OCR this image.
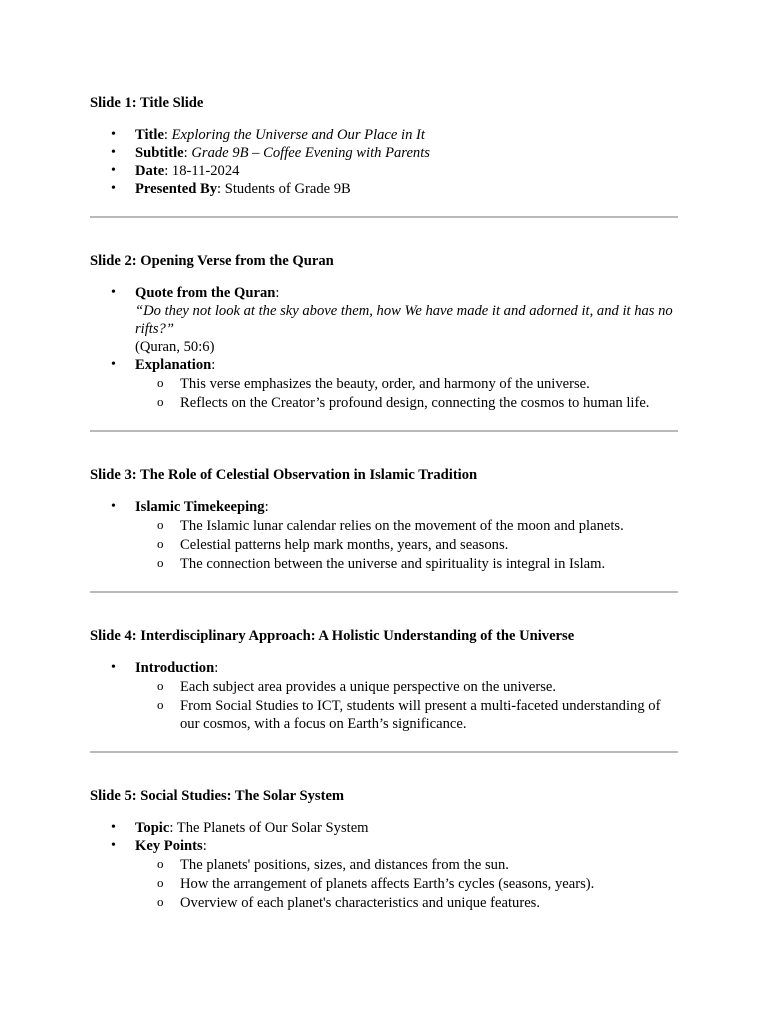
Slide 1: Title Slide

• Title: Exploring the Universe and Our Place in It
• Subtitle: Grade 9B – Coffee Evening with Parents
• Date: 18-11-2024
• Presented By: Students of Grade 9B

Slide 2: Opening Verse from the Quran

• Quote from the Quran:
“Do they not look at the sky above them, how We have made it and adorned it, and it has no rifts?”
(Quran, 50:6)
• Explanation:
o This verse emphasizes the beauty, order, and harmony of the universe.
o Reflects on the Creator’s profound design, connecting the cosmos to human life.

Slide 3: The Role of Celestial Observation in Islamic Tradition

• Islamic Timekeeping:
o The Islamic lunar calendar relies on the movement of the moon and planets.
o Celestial patterns help mark months, years, and seasons.
o The connection between the universe and spirituality is integral in Islam.

Slide 4: Interdisciplinary Approach: A Holistic Understanding of the Universe

• Introduction:
o Each subject area provides a unique perspective on the universe.
o From Social Studies to ICT, students will present a multi-faceted understanding of our cosmos, with a focus on Earth’s significance.

Slide 5: Social Studies: The Solar System

• Topic: The Planets of Our Solar System
• Key Points:
o The planets' positions, sizes, and distances from the sun.
o How the arrangement of planets affects Earth’s cycles (seasons, years).
o Overview of each planet's characteristics and unique features.
